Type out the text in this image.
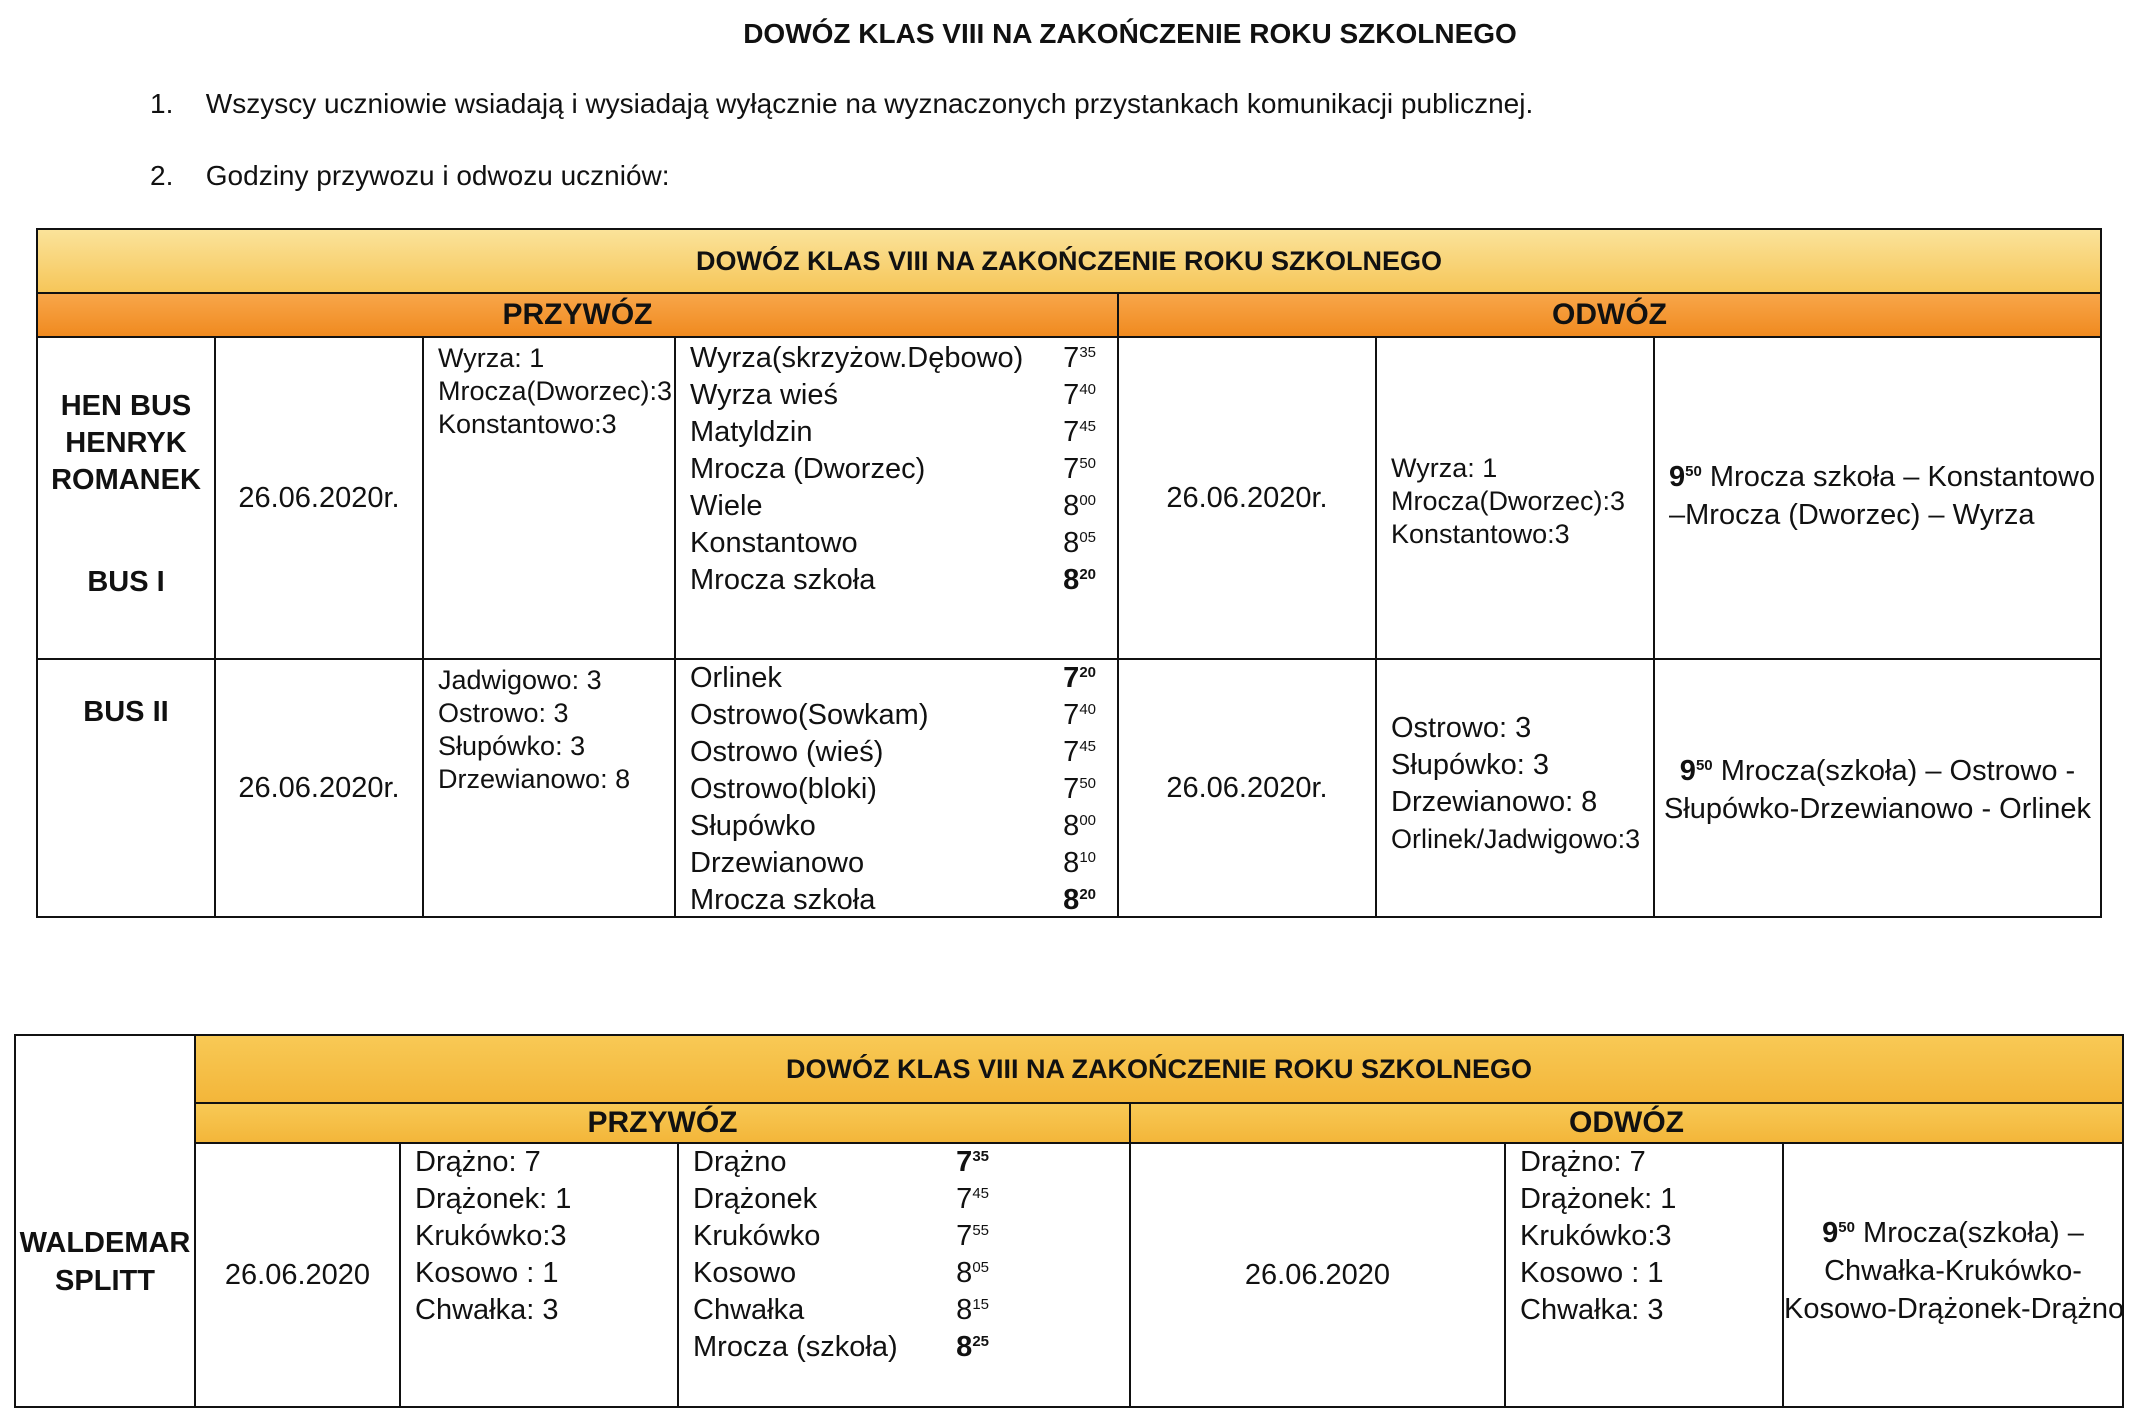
DOWÓZ KLAS VIII NA ZAKOŃCZENIE ROKU SZKOLNEGO
1. Wszyscy uczniowie wsiadają i wysiadają wyłącznie na wyznaczonych przystankach komunikacji publicznej.
2. Godziny przywozu i odwozu uczniów:
DOWÓZ KLAS VIII NA ZAKOŃCZENIE ROKU SZKOLNEGO
PRZYWÓZ	ODWÓZ
HEN BUS
HENRYK
ROMANEK
BUS I
26.06.2020r.
Wyrza: 1
Mrocza(Dworzec):3
Konstantowo:3
Wyrza(skrzyżow.Dębowo)
Wyrza wieś
Matyldzin
Mrocza (Dworzec)
Wiele
Konstantowo
Mrocza szkoła
$7^{35}$
$7^{40}$
$7^{45}$
$7^{50}$
$8^{00}$
$8^{05}$
$8^{20}$
26.06.2020r.
Wyrza: 1
Mrocza(Dworzec):3
Konstantowo:3
$9^{50}$ Mrocza szkoła – Konstantowo
–Mrocza (Dworzec) – Wyrza
BUS II
26.06.2020r.
Jadwigowo: 3
Ostrowo: 3
Słupówko: 3
Drzewianowo: 8
Orlinek
Ostrowo(Sowkam)
Ostrowo (wieś)
Ostrowo(bloki)
Słupówko
Drzewianowo
Mrocza szkoła
$7^{20}$
$7^{40}$
$7^{45}$
$7^{50}$
$8^{00}$
$8^{10}$
$8^{20}$
26.06.2020r.
Ostrowo: 3
Słupówko: 3
Drzewianowo: 8
Orlinek/Jadwigowo:3
$9^{50}$ Mrocza(szkoła) – Ostrowo -
Słupówko-Drzewianowo - Orlinek
WALDEMAR
SPLITT
DOWÓZ KLAS VIII NA ZAKOŃCZENIE ROKU SZKOLNEGO
PRZYWÓZ	ODWÓZ
26.06.2020
Drążno: 7
Drążonek: 1
Krukówko:3
Kosowo : 1
Chwałka: 3
Drążno
Drążonek
Krukówko
Kosowo
Chwałka
Mrocza (szkoła)
$7^{35}$
$7^{45}$
$7^{55}$
$8^{05}$
$8^{15}$
$8^{25}$
26.06.2020
Drążno: 7
Drążonek: 1
Krukówko:3
Kosowo : 1
Chwałka: 3
$9^{50}$ Mrocza(szkoła) –
Chwałka-Krukówko-
Kosowo-Drążonek-Drążno
